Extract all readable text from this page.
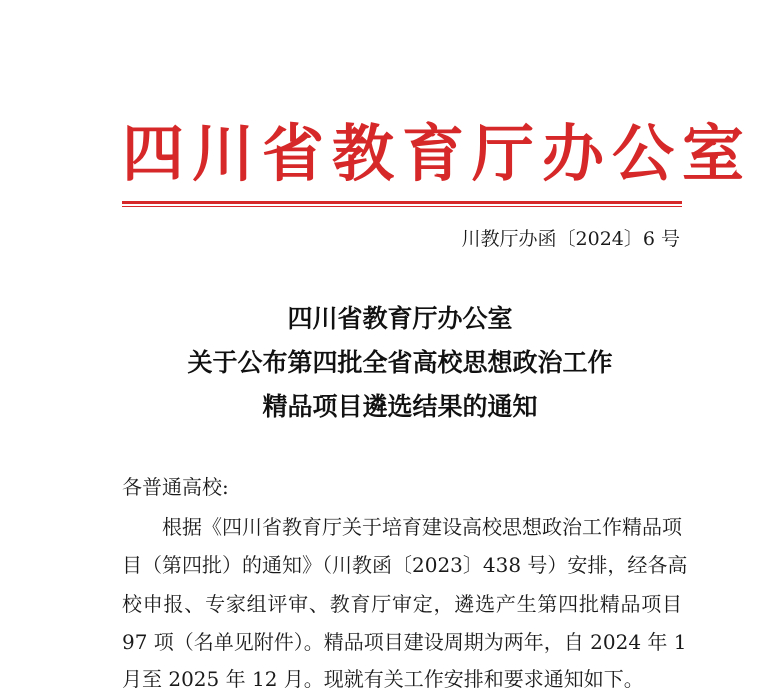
四川省教育厅办公室
川教厅办函〔2024〕6 号
四川省教育厅办公室
关于公布第四批全省高校思想政治工作
精品项目遴选结果的通知
各普通高校:
根据《四川省教育厅关于培育建设高校思想政治工作精品项
目（第四批）的通知》（川教函〔2023〕438 号）安排，经各高
校申报、专家组评审、教育厅审定，遴选产生第四批精品项目
97 项（名单见附件）。精品项目建设周期为两年，自 2024 年 1
月至 2025 年 12 月。现就有关工作安排和要求通知如下。
